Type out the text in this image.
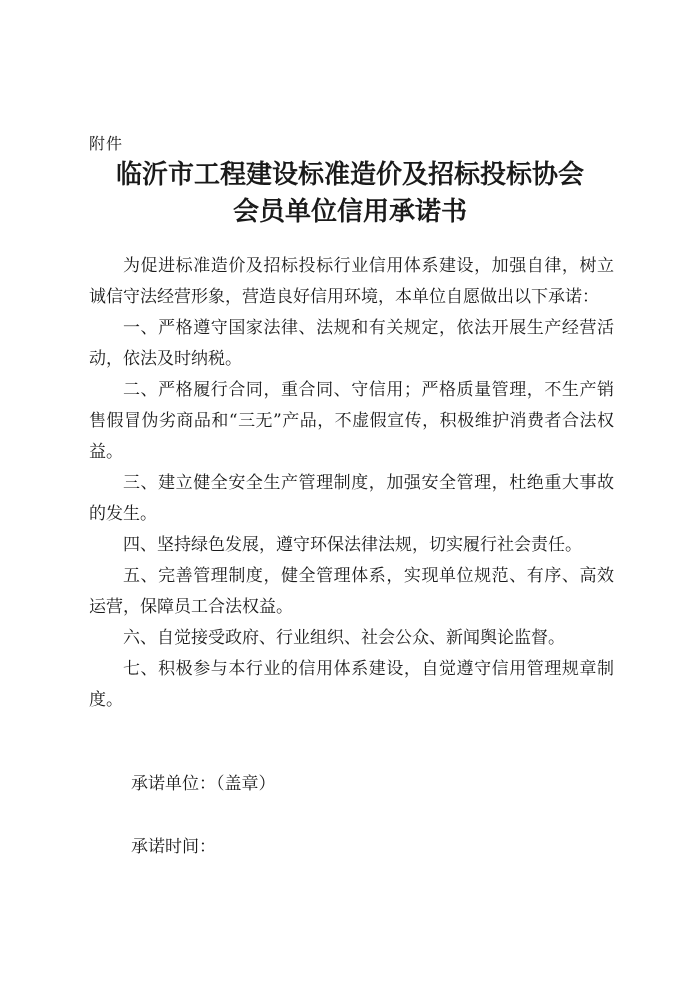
附件
临沂市工程建设标准造价及招标投标协会
会员单位信用承诺书

为促进标准造价及招标投标行业信用体系建设，加强自律，树立诚信守法经营形象，营造良好信用环境，本单位自愿做出以下承诺：

一、严格遵守国家法律、法规和有关规定，依法开展生产经营活动，依法及时纳税。

二、严格履行合同，重合同、守信用；严格质量管理，不生产销售假冒伪劣商品和“三无”产品，不虚假宣传，积极维护消费者合法权益。

三、建立健全安全生产管理制度，加强安全管理，杜绝重大事故的发生。

四、坚持绿色发展，遵守环保法律法规，切实履行社会责任。

五、完善管理制度，健全管理体系，实现单位规范、有序、高效运营，保障员工合法权益。

六、自觉接受政府、行业组织、社会公众、新闻舆论监督。

七、积极参与本行业的信用体系建设，自觉遵守信用管理规章制度。

承诺单位：（盖章）
承诺时间：
